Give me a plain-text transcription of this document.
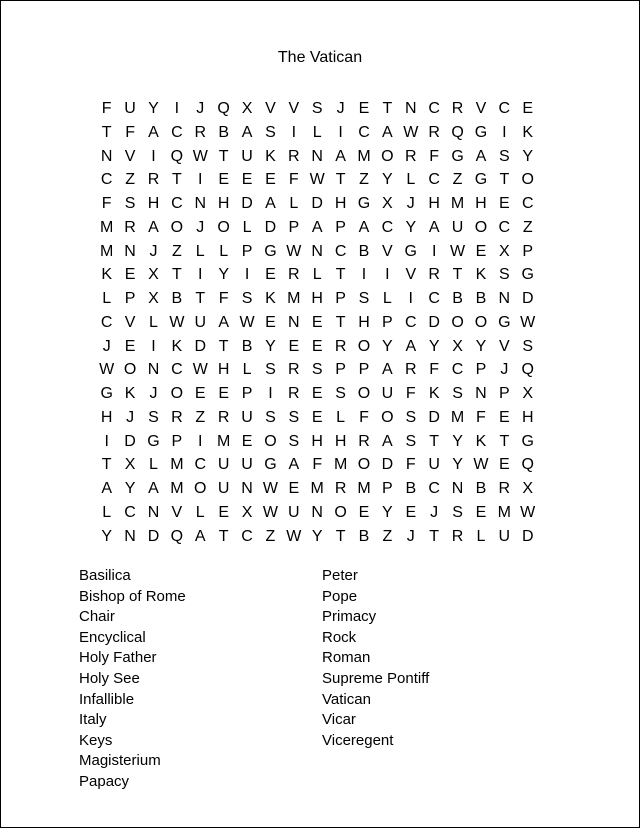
The Vatican
F U Y I	J Q X V V S J E T N C R V C E
T F A C R B A S I	L	I C A W R Q G I K
N V I Q W T U K R N A M O R F G A S Y
C Z R T	I E E E F W T Z Y L C Z G T O
F S H C N H D A L D H G X J H M H E C
M R A O J O L D P A P A C Y A U O C Z
M N J Z L L P G W N C B V G I W E X P
K E X T	I Y I E R L T	I	I V R T K S G
L P X B T F S K M H P S L	I C B B N D
C V L W U A W E N E T H P C D O O G W
J E I K D T B Y E E R O Y A Y X Y V S
W O N C W H L S R S P P A R F C P J Q
G K J O E E P I R E S O U F K S N P X
H J S R Z R U S S E L F O S D M F E H
I D G P I M E O S H H R A S T Y K T G
T X L M C U U G A F M O D F U Y W E Q
A Y A M O U N W E M R M P B C N B R X
L C N V L E X W U N O E Y E J S E M W
Y N D Q A T C Z W Y T B Z J T R L U D
Basilica
Bishop of Rome
Chair
Encyclical
Holy Father
Holy See
Infallible
Italy
Keys
Magisterium
Papacy
Peter
Pope
Primacy
Rock
Roman
Supreme Pontiff
Vatican
Vicar
Viceregent
